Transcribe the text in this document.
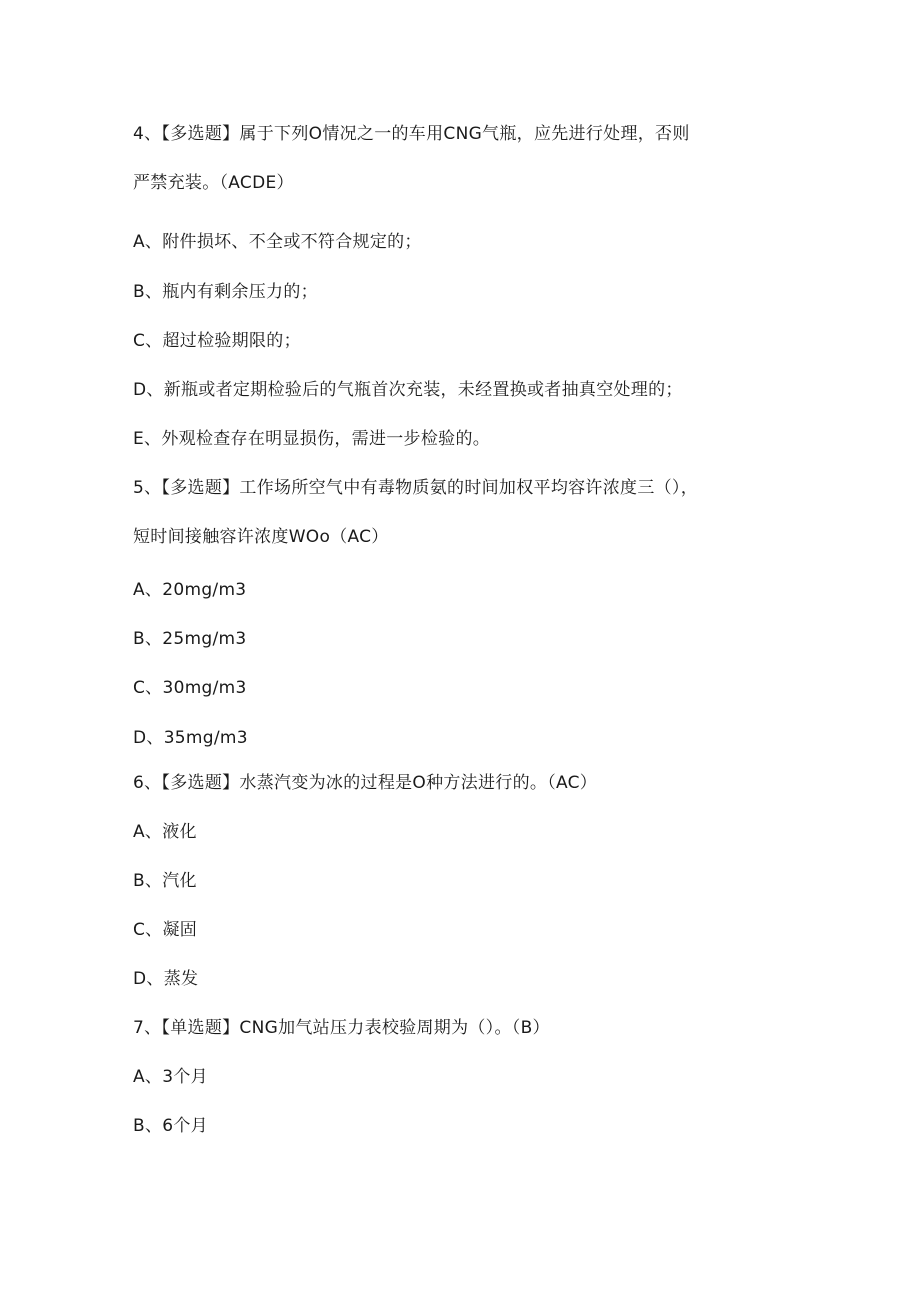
4、【多选题】属于下列O情况之一的车用CNG气瓶，应先进行处理，否则
严禁充装。（ACDE）
A、附件损坏、不全或不符合规定的；
B、瓶内有剩余压力的；
C、超过检验期限的；
D、新瓶或者定期检验后的气瓶首次充装，未经置换或者抽真空处理的；
E、外观检查存在明显损伤，需进一步检验的。
5、【多选题】工作场所空气中有毒物质氨的时间加权平均容许浓度三（），
短时间接触容许浓度WOo（AC）
A、20mg∕m3
B、25mg∕m3
C、30mg∕m3
D、35mg∕m3
6、【多选题】水蒸汽变为冰的过程是O种方法进行的。（AC）
A、液化
B、汽化
C、凝固
D、蒸发
7、【单选题】CNG加气站压力表校验周期为（）。（B）
A、3个月
B、6个月
